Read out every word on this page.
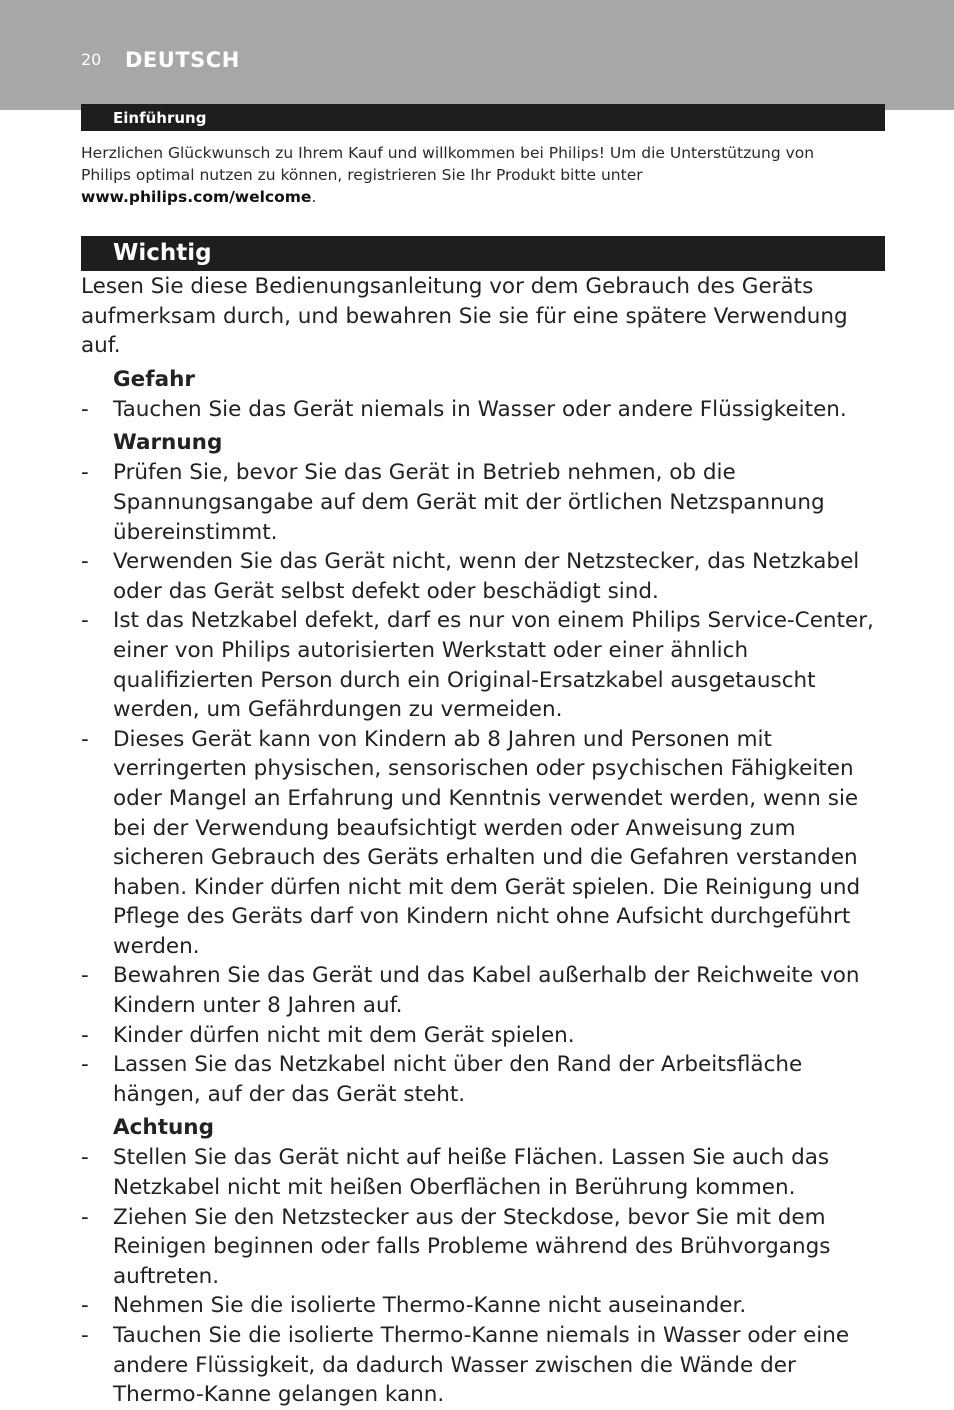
20 DEUTSCH
Einführung
Herzlichen Glückwunsch zu Ihrem Kauf und willkommen bei Philips! Um die Unterstützung von Philips optimal nutzen zu können, registrieren Sie Ihr Produkt bitte unter
www.philips.com/welcome.
Wichtig

Lesen Sie diese Bedienungsanleitung vor dem Gebrauch des Geräts aufmerksam durch, und bewahren Sie sie für eine spätere Verwendung auf.

Gefahr

- Tauchen Sie das Gerät niemals in Wasser oder andere Flüssigkeiten.

Warnung

- Prüfen Sie, bevor Sie das Gerät in Betrieb nehmen, ob die Spannungsangabe auf dem Gerät mit der örtlichen Netzspannung übereinstimmt.
- Verwenden Sie das Gerät nicht, wenn der Netzstecker, das Netzkabel oder das Gerät selbst defekt oder beschädigt sind.
- Ist das Netzkabel defekt, darf es nur von einem Philips Service-Center, einer von Philips autorisierten Werkstatt oder einer ähnlich qualifizierten Person durch ein Original-Ersatzkabel ausgetauscht werden, um Gefährdungen zu vermeiden.
- Dieses Gerät kann von Kindern ab 8 Jahren und Personen mit verringerten physischen, sensorischen oder psychischen Fähigkeiten oder Mangel an Erfahrung und Kenntnis verwendet werden, wenn sie bei der Verwendung beaufsichtigt werden oder Anweisung zum sicheren Gebrauch des Geräts erhalten und die Gefahren verstanden haben. Kinder dürfen nicht mit dem Gerät spielen. Die Reinigung und Pflege des Geräts darf von Kindern nicht ohne Aufsicht durchgeführt werden.
- Bewahren Sie das Gerät und das Kabel außerhalb der Reichweite von Kindern unter 8 Jahren auf.
- Kinder dürfen nicht mit dem Gerät spielen.
- Lassen Sie das Netzkabel nicht über den Rand der Arbeitsfläche hängen, auf der das Gerät steht.

Achtung

- Stellen Sie das Gerät nicht auf heiße Flächen. Lassen Sie auch das Netzkabel nicht mit heißen Oberflächen in Berührung kommen.
- Ziehen Sie den Netzstecker aus der Steckdose, bevor Sie mit dem Reinigen beginnen oder falls Probleme während des Brühvorgangs auftreten.
- Nehmen Sie die isolierte Thermo-Kanne nicht auseinander.
- Tauchen Sie die isolierte Thermo-Kanne niemals in Wasser oder eine andere Flüssigkeit, da dadurch Wasser zwischen die Wände der Thermo-Kanne gelangen kann.
